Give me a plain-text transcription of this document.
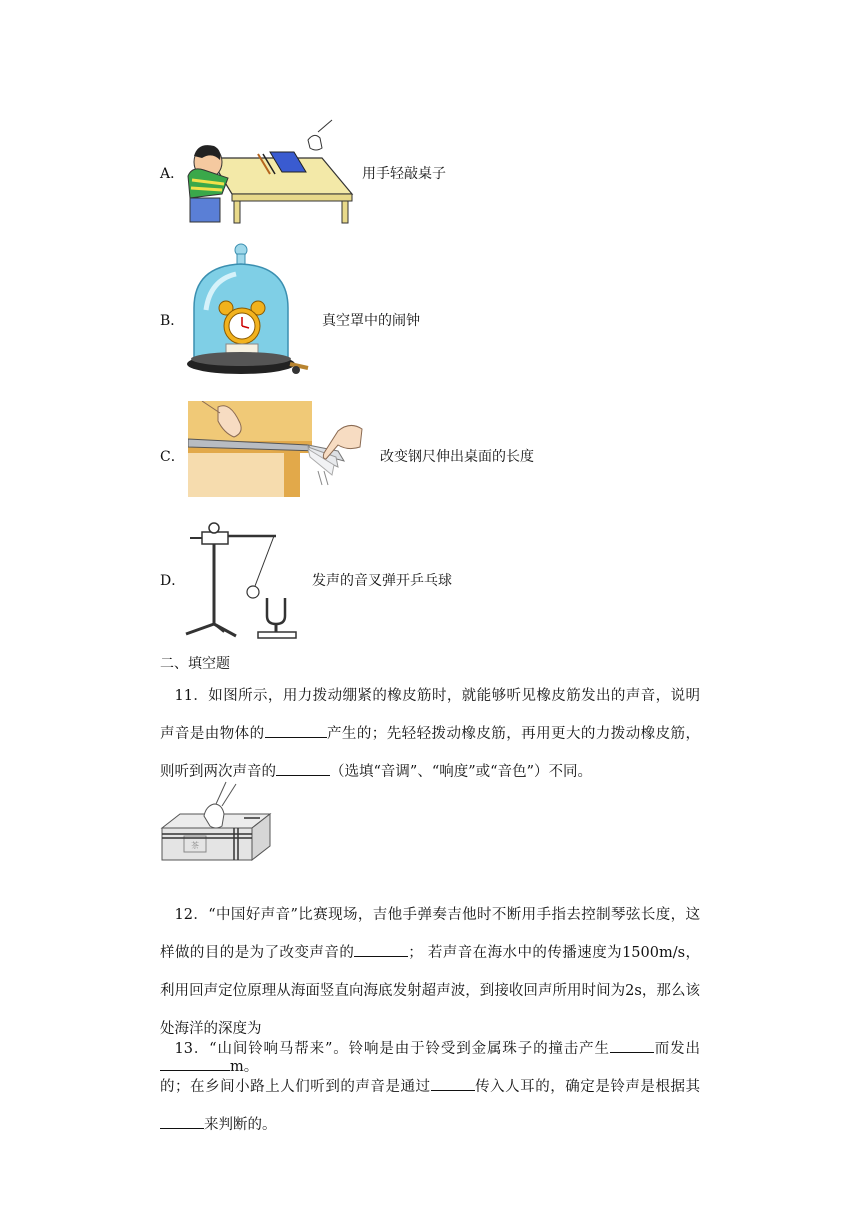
A．	用手轻敲桌子
B．	真空罩中的闹钟
C．	改变钢尺伸出桌面的长度
D．	发声的音叉弹开乒乓球
二、填空题
11．如图所示，用力拨动绷紧的橡皮筋时，就能够听见橡皮筋发出的声音，说明声音是由物体的	产生的；先轻轻拨动橡皮筋，再用更大的力拨动橡皮筋，则听到两次声音的	（选填“音调”、“响度”或“音色”）不同。
茶
12．“中国好声音”比赛现场，吉他手弹奏吉他时不断用手指去控制琴弦长度，这样做的目的是为了改变声音的	； 若声音在海水中的传播速度为1500m/s，利用回声定位原理从海面竖直向海底发射超声波，到接收回声所用时间为2s，那么该处海洋的深度为
m。
13．“山间铃响马帮来”。铃响是由于铃受到金属珠子的撞击产生	而发出的；在乡间小路上人们听到的声音是通过	传入人耳的，确定是铃声是根据其来判断的。
